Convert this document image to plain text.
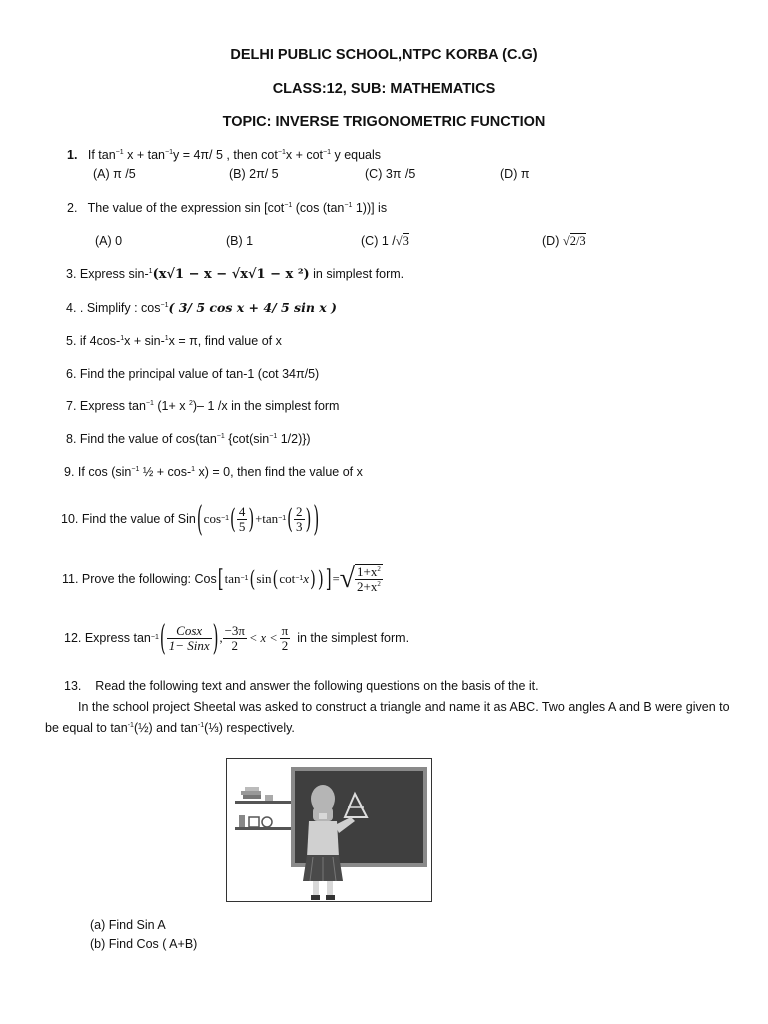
DELHI PUBLIC SCHOOL,NTPC KORBA (C.G)
CLASS:12, SUB: MATHEMATICS
TOPIC: INVERSE TRIGONOMETRIC FUNCTION
1. If $\tan^{-1} x + \tan^{-1}y = 4\pi/$ 5 , then $\cot^{-1}x + \cot^{-1} y$ equals
(A) π /5	(B) 2π/ 5	(C) 3π /5	(D) π
2. The value of the expression $\sin [\cot^{-1}$ (cos ($\tan^{-1}$ 1))] is
(A) 0	(B) 1	(C) 1 /√3	(D) √2/3
3. Express sin-$^1$(x√1 − x − √x√1 − x ²) in simplest form.
4. . Simplify : $\cos^{-1}$( 3/ 5 cos x + 4/ 5 sin x )
5. if 4cos-$^1$x + sin-$^1$x = π, find value of x
6. Find the principal value of tan-1 (cot 34π/5)
7. Express $\tan^{-1} (1+ x$ $^2$)– 1 /x in the simplest form
8. Find the value of $\cos(\tan^{-1}$ {$\cot(\sin^{-1}$ 1/2)})
9. If $\cos (\sin^{-1}$ ½ + cos-$^1$ x) = 0, then find the value of x
10. Find the value of Sin ( cos −1 ( $\frac{4}{5}$ ) + tan −1 ( $\frac{2}{3}$ ) )
11. Prove the following: Cos [ tan −1 ( sin ( cot −1 x ) ) ] = √ $\frac{1+x^2}{2+x^2}$
12. Express tan −1 ( $\frac{\text{Cosx}}{\text{1− Sinx}}$ ) , $\frac{-3\pi}{2} < x < \frac{\pi}{2}$
in the simplest form.
13. Read the following text and answer the following questions on the basis of the it.
In the school project Sheetal was asked to construct a triangle and name it as ABC. Two angles A and B were given to be equal to $\tan^{-1}(\frac{1}{2})$ and $\tan^{-1}(\frac{1}{3})$ respectively.
(a) Find Sin A
(b) Find Cos ( A+B)
